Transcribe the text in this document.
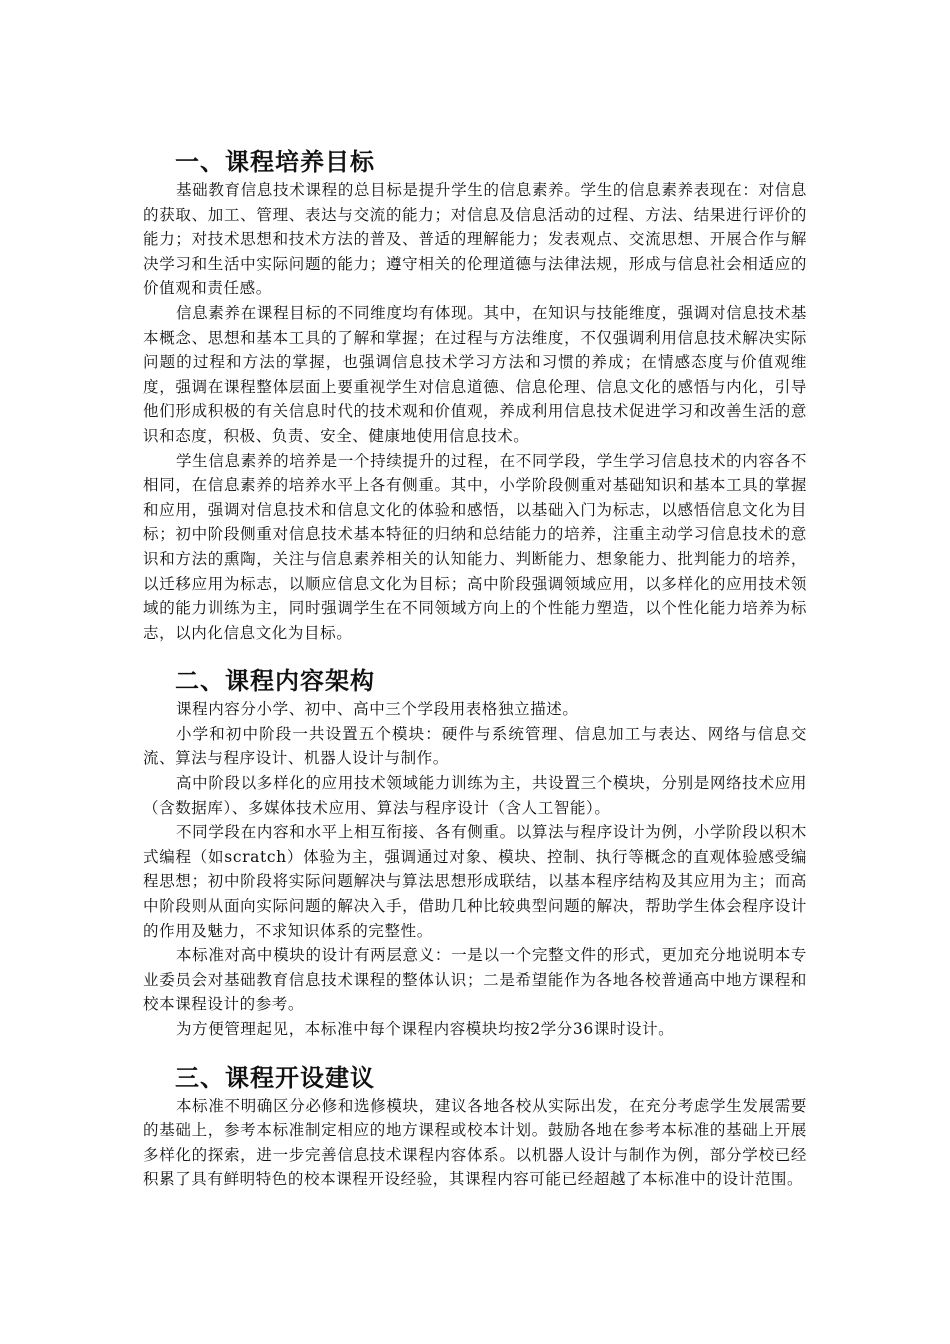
一、课程培养目标

基础教育信息技术课程的总目标是提升学生的信息素养。学生的信息素养表现在：对信息的获取、加工、管理、表达与交流的能力；对信息及信息活动的过程、方法、结果进行评价的能力；对技术思想和技术方法的普及、普适的理解能力；发表观点、交流思想、开展合作与解决学习和生活中实际问题的能力；遵守相关的伦理道德与法律法规，形成与信息社会相适应的价值观和责任感。

信息素养在课程目标的不同维度均有体现。其中，在知识与技能维度，强调对信息技术基本概念、思想和基本工具的了解和掌握；在过程与方法维度，不仅强调利用信息技术解决实际问题的过程和方法的掌握，也强调信息技术学习方法和习惯的养成；在情感态度与价值观维度，强调在课程整体层面上要重视学生对信息道德、信息伦理、信息文化的感悟与内化，引导他们形成积极的有关信息时代的技术观和价值观，养成利用信息技术促进学习和改善生活的意识和态度，积极、负责、安全、健康地使用信息技术。

学生信息素养的培养是一个持续提升的过程，在不同学段，学生学习信息技术的内容各不相同，在信息素养的培养水平上各有侧重。其中，小学阶段侧重对基础知识和基本工具的掌握和应用，强调对信息技术和信息文化的体验和感悟，以基础入门为标志，以感悟信息文化为目标；初中阶段侧重对信息技术基本特征的归纳和总结能力的培养，注重主动学习信息技术的意识和方法的熏陶，关注与信息素养相关的认知能力、判断能力、想象能力、批判能力的培养，以迁移应用为标志，以顺应信息文化为目标；高中阶段强调领域应用，以多样化的应用技术领域的能力训练为主，同时强调学生在不同领域方向上的个性能力塑造，以个性化能力培养为标志，以内化信息文化为目标。

二、课程内容架构

课程内容分小学、初中、高中三个学段用表格独立描述。

小学和初中阶段一共设置五个模块：硬件与系统管理、信息加工与表达、网络与信息交流、算法与程序设计、机器人设计与制作。

高中阶段以多样化的应用技术领域能力训练为主，共设置三个模块，分别是网络技术应用（含数据库）、多媒体技术应用、算法与程序设计（含人工智能）。

不同学段在内容和水平上相互衔接、各有侧重。以算法与程序设计为例，小学阶段以积木式编程（如scratch）体验为主，强调通过对象、模块、控制、执行等概念的直观体验感受编程思想；初中阶段将实际问题解决与算法思想形成联结，以基本程序结构及其应用为主；而高中阶段则从面向实际问题的解决入手，借助几种比较典型问题的解决，帮助学生体会程序设计的作用及魅力，不求知识体系的完整性。

本标准对高中模块的设计有两层意义：一是以一个完整文件的形式，更加充分地说明本专业委员会对基础教育信息技术课程的整体认识；二是希望能作为各地各校普通高中地方课程和校本课程设计的参考。

为方便管理起见，本标准中每个课程内容模块均按2学分36课时设计。

三、课程开设建议

本标准不明确区分必修和选修模块，建议各地各校从实际出发，在充分考虑学生发展需要的基础上，参考本标准制定相应的地方课程或校本计划。鼓励各地在参考本标准的基础上开展多样化的探索，进一步完善信息技术课程内容体系。以机器人设计与制作为例，部分学校已经积累了具有鲜明特色的校本课程开设经验，其课程内容可能已经超越了本标准中的设计范围。
